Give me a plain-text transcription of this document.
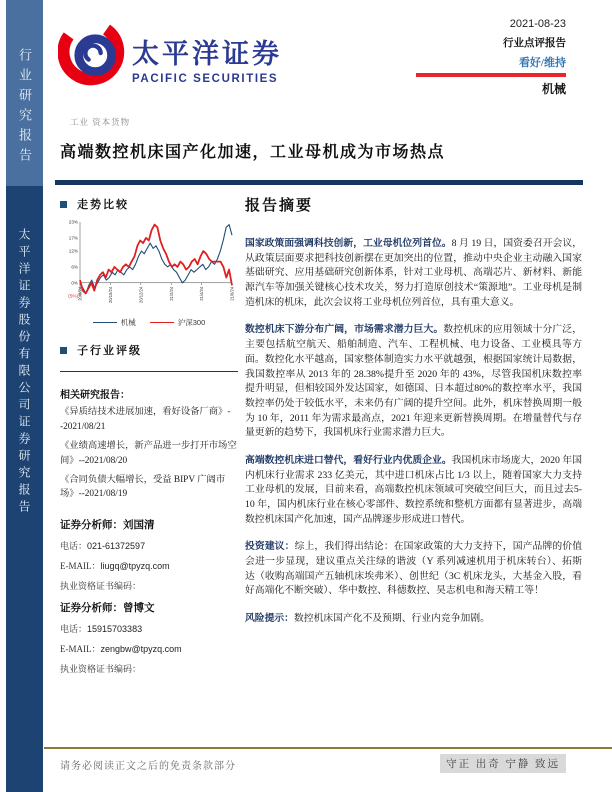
行业研究报告
太平洋证券股份有限公司证券研究报告
太平洋证券
PACIFIC SECURITIES
2021-08-23
行业点评报告
看好/维持
机械
工业 资本货物
高端数控机床国产化加速，工业母机成为市场热点
走势比较
23%
17%
12%
6%
0%
(5%) 20/8/24	20/10/24	20/12/24	21/2/24	21/4/24	21/6/24
机械	沪深300
子行业评级
相关研究报告：
《异质结技术进展加速，看好设备厂商》--2021/08/21
《业绩高速增长，新产品进一步打开市场空间》--2021/08/20
《合同负债大幅增长，受益 BIPV 广阔市场》--2021/08/19
证券分析师：刘国清
电话：021-61372597
E-MAIL：liugq@tpyzq.com
执业资格证书编码：
证券分析师：曾博文
电话：15915703383
E-MAIL：zengbw@tpyzq.com
执业资格证书编码：
报告摘要

国家政策面强调科技创新，工业母机位列首位。8 月 19 日，国资委召开会议，从政策层面要求把科技创新摆在更加突出的位置，推动中央企业主动融入国家基础研究、应用基础研究创新体系，针对工业母机、高端芯片、新材料、新能源汽车等加强关键核心技术攻关，努力打造原创技术“策源地”。工业母机是制造机床的机床，此次会议将工业母机位列首位，具有重大意义。

数控机床下游分布广阔，市场需求潜力巨大。数控机床的应用领域十分广泛，主要包括航空航天、船舶制造、汽车、工程机械、电力设备、工业模具等方面。数控化水平越高，国家整体制造实力水平就越强，根据国家统计局数据，我国数控率从 2013 年的 28.38%提升至 2020 年的 43%，尽管我国机床数控率提升明显，但相较国外发达国家，如德国、日本超过80%的数控率水平，我国数控率仍处于较低水平，未来仍有广阔的提升空间。此外，机床替换周期一般为 10 年，2011 年为需求最高点，2021 年迎来更新替换周期。在增量替代与存量更新的趋势下，我国机床行业需求潜力巨大。

高端数控机床进口替代，看好行业内优质企业。我国机床市场庞大，2020 年国内机床行业需求 233 亿美元，其中进口机床占比 1/3 以上，随着国家大力支持工业母机的发展，目前来看，高端数控机床领域可突破空间巨大，而且过去5-10 年，国内机床行业在核心零部件、数控系统和整机方面都有显著进步，高端数控机床国产化加速，国产品牌逐步形成进口替代。

投资建议：综上，我们得出结论：在国家政策的大力支持下，国产品牌的价值会进一步显现，建议重点关注绿的谐波（Y 系列减速机用于机床转台）、拓斯达（收购高端国产五轴机床埃弗米）、创世纪（3C 机床龙头，大基金入股，看好高端化不断突破）、华中数控、科德数控、昊志机电和海天精工等！

风险提示：数控机床国产化不及预期、行业内竞争加剧。

请务必阅读正文之后的免责条款部分	守正 出奇 宁静 致远
